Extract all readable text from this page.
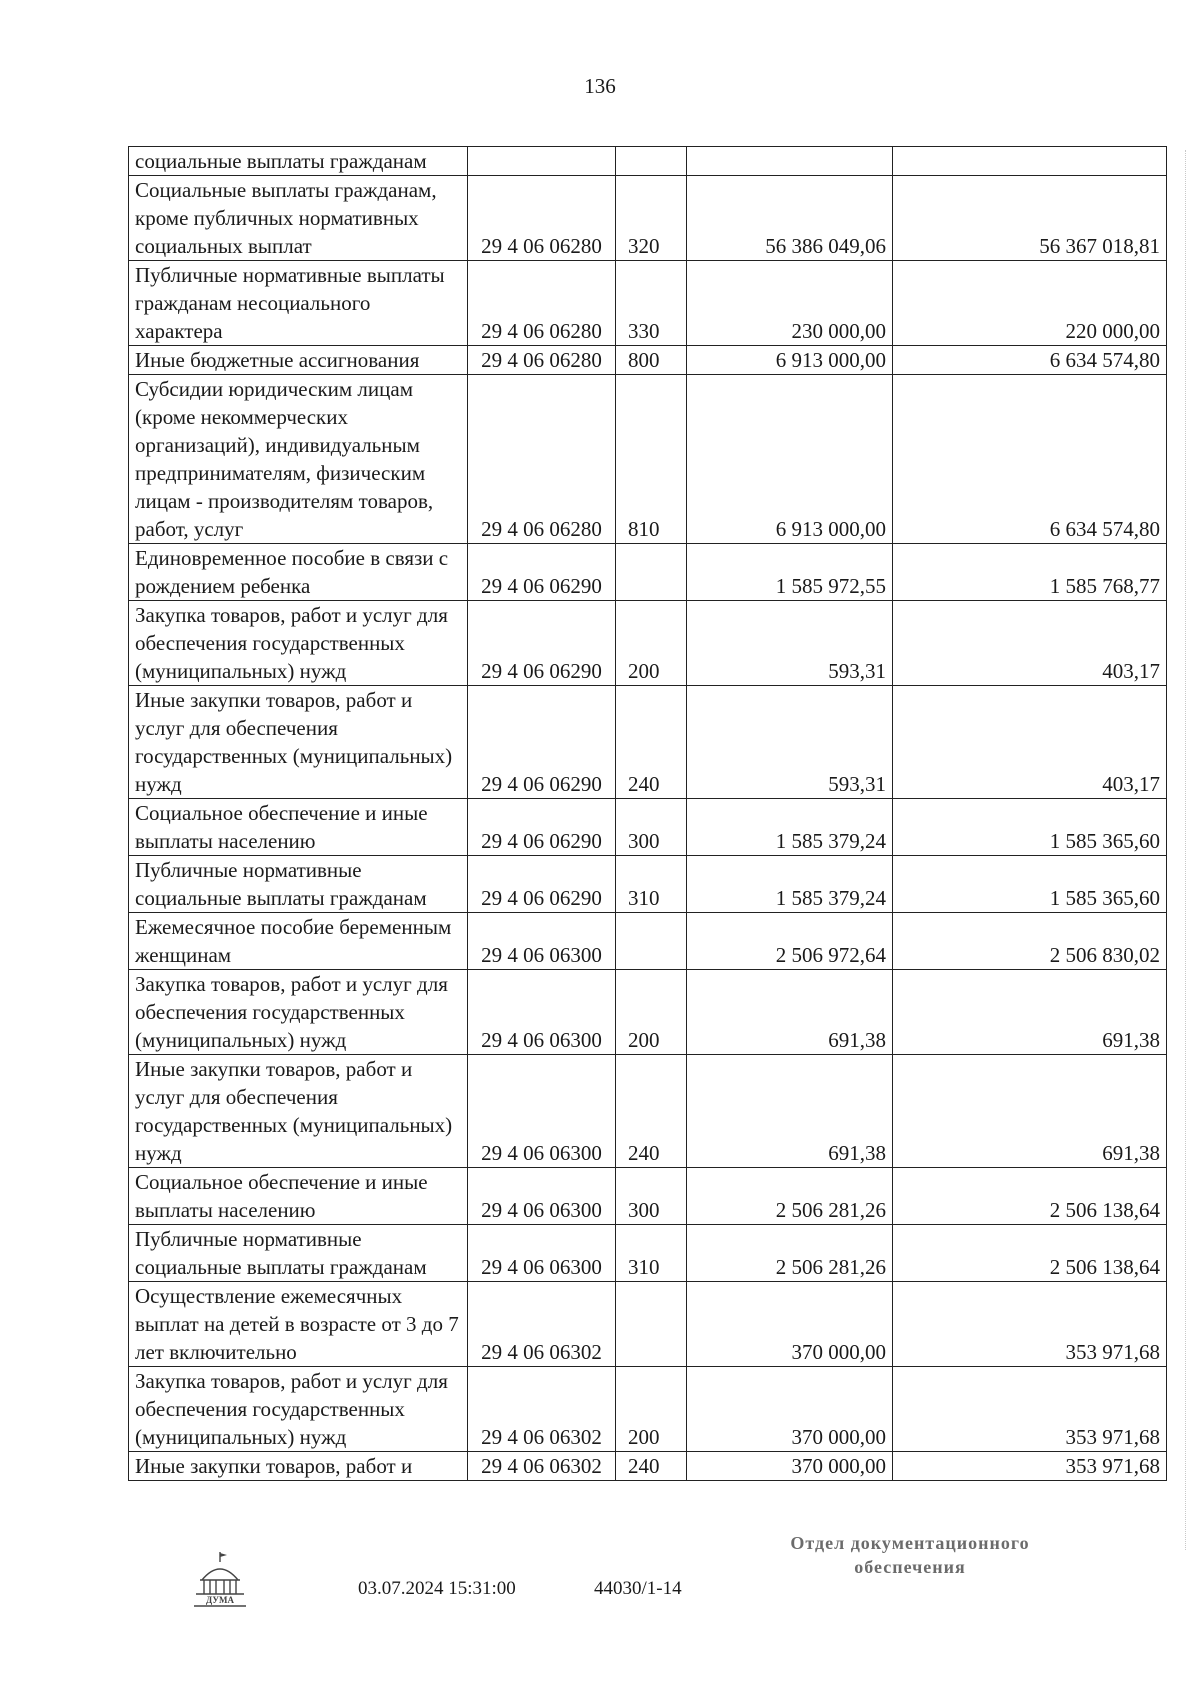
136
социальные выплаты гражданам				
Социальные выплаты гражданам, кроме публичных нормативных социальных выплат	29 4 06 06280	320	56 386 049,06	56 367 018,81
Публичные нормативные выплаты гражданам несоциального характера	29 4 06 06280	330	230 000,00	220 000,00
Иные бюджетные ассигнования	29 4 06 06280	800	6 913 000,00	6 634 574,80
Субсидии юридическим лицам (кроме некоммерческих организаций), индивидуальным предпринимателям, физическим лицам - производителям товаров, работ, услуг	29 4 06 06280	810	6 913 000,00	6 634 574,80
Единовременное пособие в связи с рождением ребенка	29 4 06 06290		1 585 972,55	1 585 768,77
Закупка товаров, работ и услуг для обеспечения государственных (муниципальных) нужд	29 4 06 06290	200	593,31	403,17
Иные закупки товаров, работ и услуг для обеспечения государственных (муниципальных) нужд	29 4 06 06290	240	593,31	403,17
Социальное обеспечение и иные выплаты населению	29 4 06 06290	300	1 585 379,24	1 585 365,60
Публичные нормативные социальные выплаты гражданам	29 4 06 06290	310	1 585 379,24	1 585 365,60
Ежемесячное пособие беременным женщинам	29 4 06 06300		2 506 972,64	2 506 830,02
Закупка товаров, работ и услуг для обеспечения государственных (муниципальных) нужд	29 4 06 06300	200	691,38	691,38
Иные закупки товаров, работ и услуг для обеспечения государственных (муниципальных) нужд	29 4 06 06300	240	691,38	691,38
Социальное обеспечение и иные выплаты населению	29 4 06 06300	300	2 506 281,26	2 506 138,64
Публичные нормативные социальные выплаты гражданам	29 4 06 06300	310	2 506 281,26	2 506 138,64
Осуществление ежемесячных выплат на детей в возрасте от 3 до 7 лет включительно	29 4 06 06302		370 000,00	353 971,68
Закупка товаров, работ и услуг для обеспечения государственных (муниципальных) нужд	29 4 06 06302	200	370 000,00	353 971,68
Иные закупки товаров, работ и	29 4 06 06302	240	370 000,00	353 971,68
ДУМА
03.07.2024 15:31:00	44030/1-14
Отдел документационного
обеспечения
